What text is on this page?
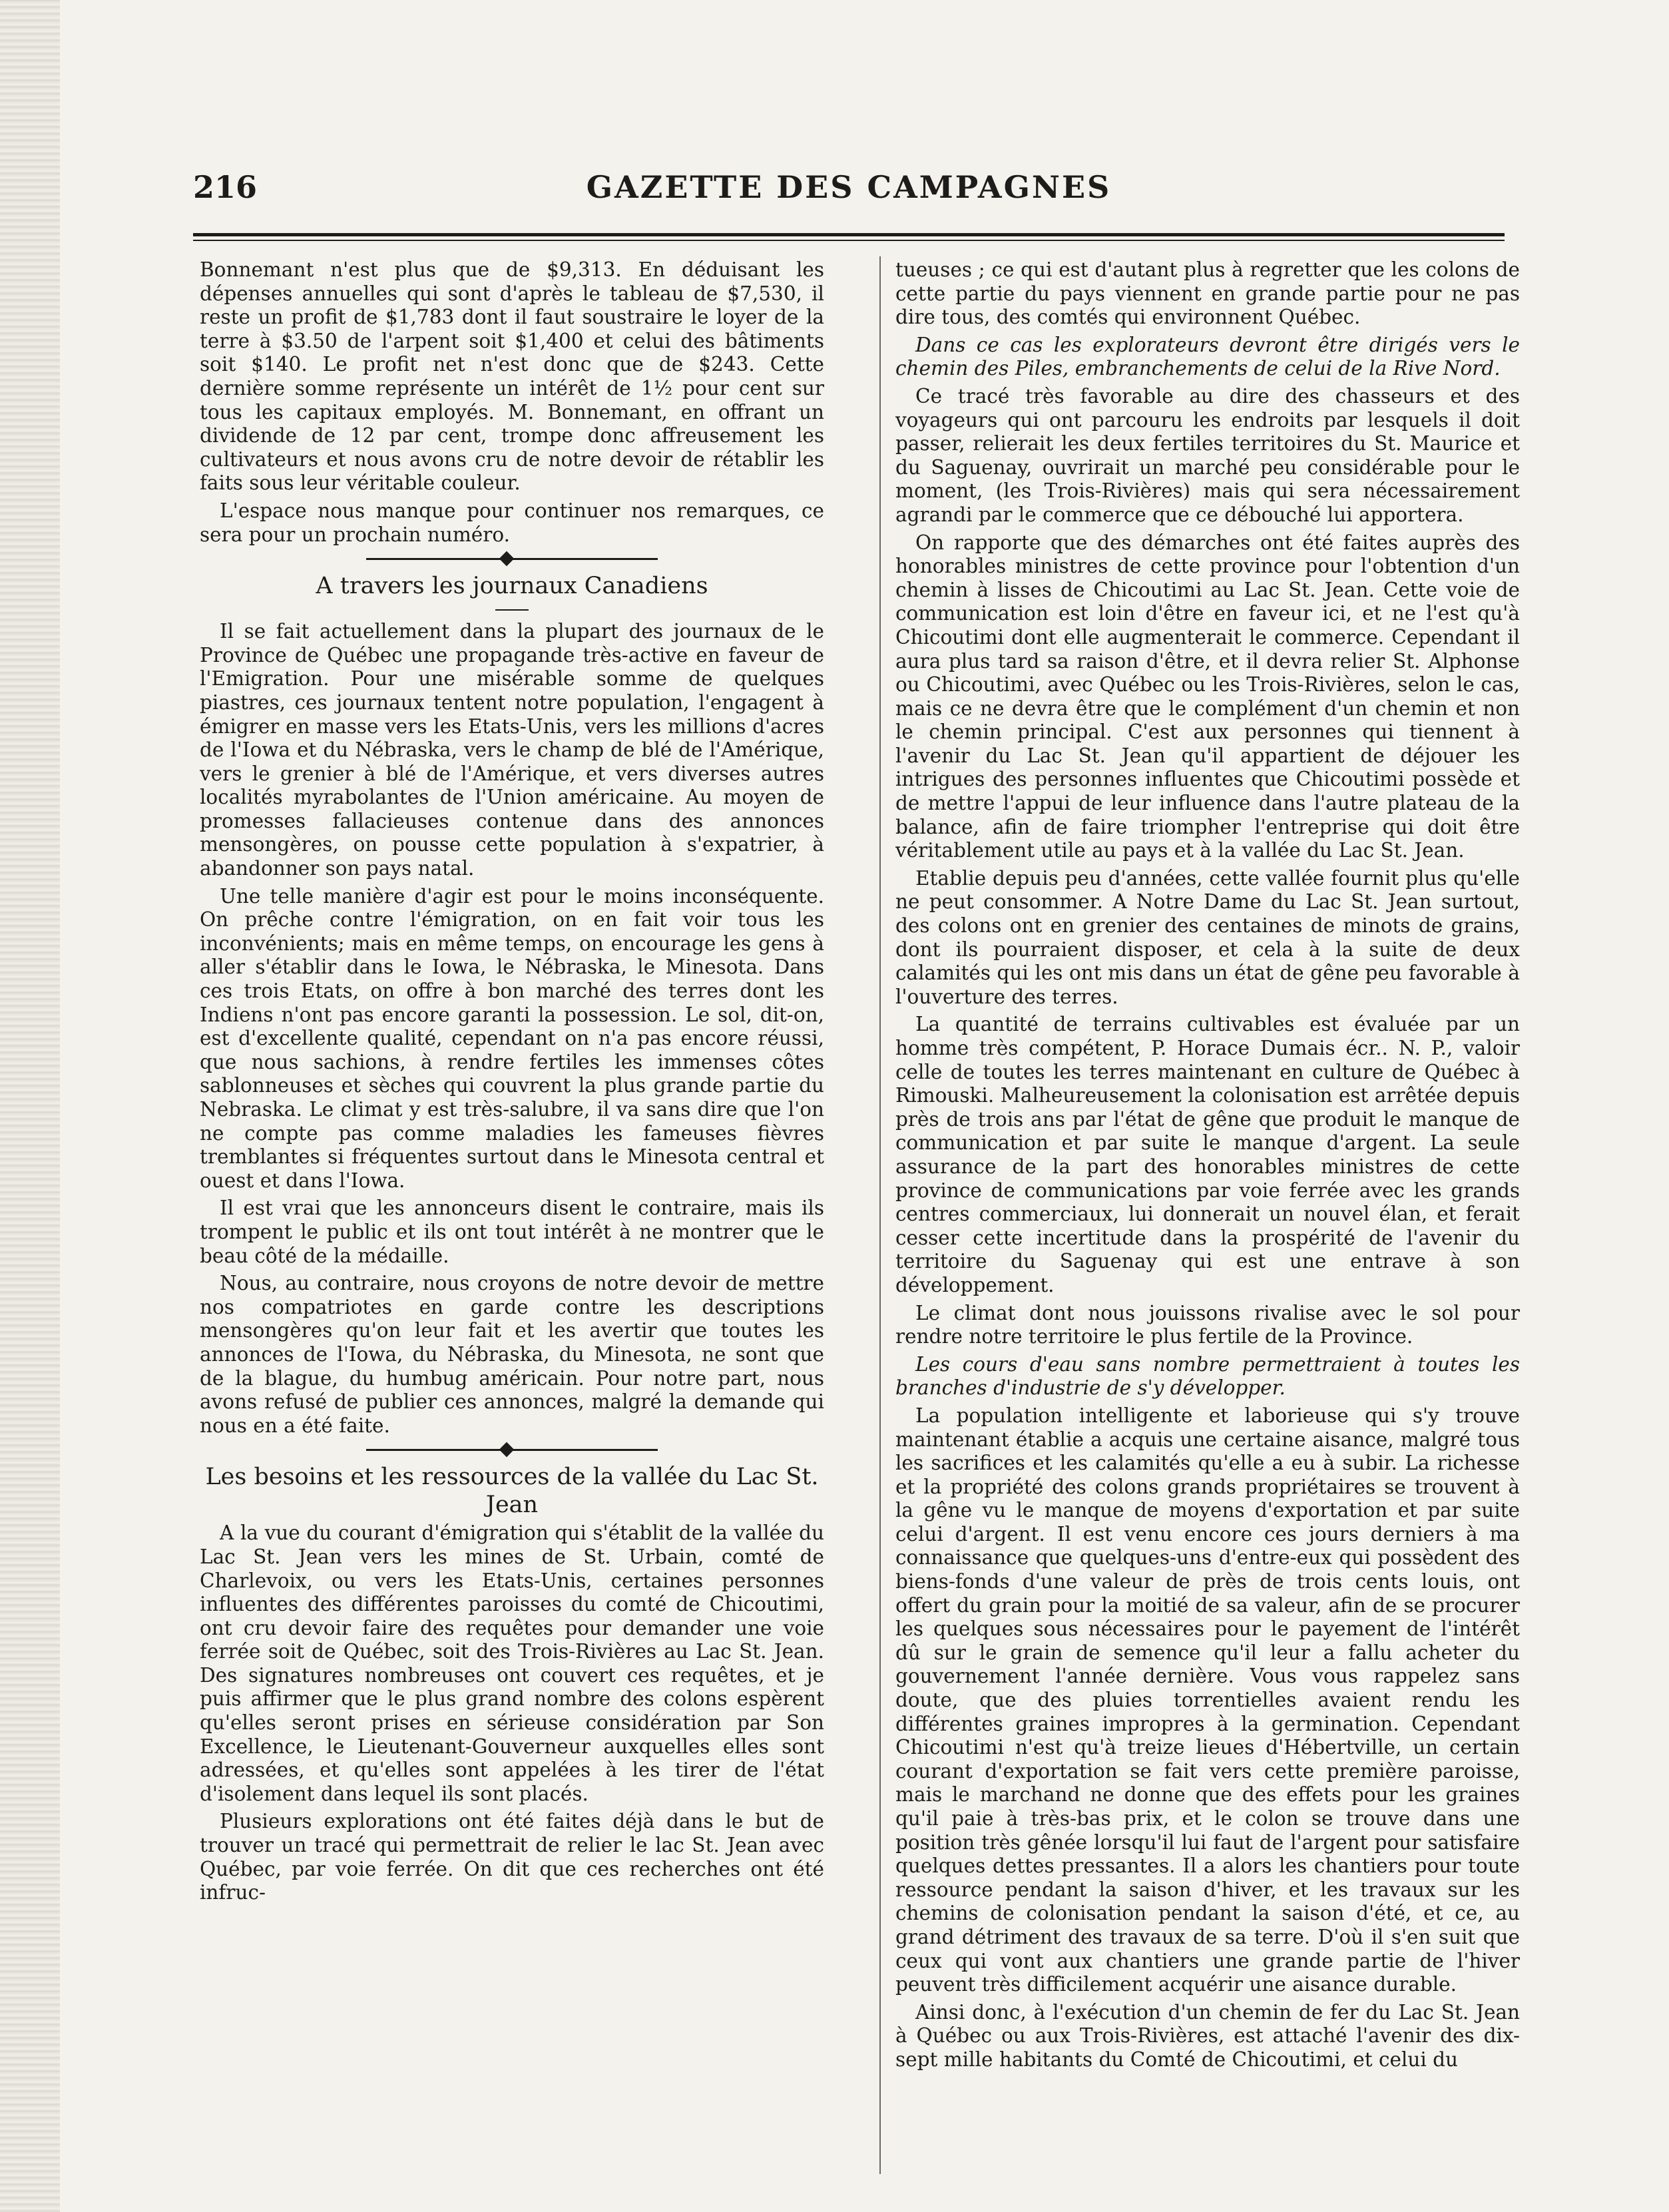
216	GAZETTE DES CAMPAGNES

Bonnemant n'est plus que de $9,313. En déduisant les dépenses annuelles qui sont d'après le tableau de $7,530, il reste un profit de $1,783 dont il faut soustraire le loyer de la terre à $3.50 de l'arpent soit $1,400 et celui des bâtiments soit $140. Le profit net n'est donc que de $243. Cette dernière somme représente un intérêt de 1½ pour cent sur tous les capitaux employés. M. Bonnemant, en offrant un dividende de 12 par cent, trompe donc affreusement les cultivateurs et nous avons cru de notre devoir de rétablir les faits sous leur véritable couleur.

L'espace nous manque pour continuer nos remarques, ce sera pour un prochain numéro.

A travers les journaux Canadiens

Il se fait actuellement dans la plupart des journaux de le Province de Québec une propagande très-active en faveur de l'Emigration. Pour une misérable somme de quelques piastres, ces journaux tentent notre population, l'engagent à émigrer en masse vers les Etats-Unis, vers les millions d'acres de l'Iowa et du Nébraska, vers le champ de blé de l'Amérique, vers le grenier à blé de l'Amérique, et vers diverses autres localités myrabolantes de l'Union américaine. Au moyen de promesses fallacieuses contenue dans des annonces mensongères, on pousse cette population à s'expatrier, à abandonner son pays natal.

Une telle manière d'agir est pour le moins inconséquente. On prêche contre l'émigration, on en fait voir tous les inconvénients; mais en même temps, on encourage les gens à aller s'établir dans le Iowa, le Nébraska, le Minesota. Dans ces trois Etats, on offre à bon marché des terres dont les Indiens n'ont pas encore garanti la possession. Le sol, dit-on, est d'excellente qualité, cependant on n'a pas encore réussi, que nous sachions, à rendre fertiles les immenses côtes sablonneuses et sèches qui couvrent la plus grande partie du Nebraska. Le climat y est très-salubre, il va sans dire que l'on ne compte pas comme maladies les fameuses fièvres tremblantes si fréquentes surtout dans le Minesota central et ouest et dans l'Iowa.

Il est vrai que les annonceurs disent le contraire, mais ils trompent le public et ils ont tout intérêt à ne montrer que le beau côté de la médaille.

Nous, au contraire, nous croyons de notre devoir de mettre nos compatriotes en garde contre les descriptions mensongères qu'on leur fait et les avertir que toutes les annonces de l'Iowa, du Nébraska, du Minesota, ne sont que de la blague, du humbug américain. Pour notre part, nous avons refusé de publier ces annonces, malgré la demande qui nous en a été faite.

Les besoins et les ressources de la vallée du Lac St. Jean

A la vue du courant d'émigration qui s'établit de la vallée du Lac St. Jean vers les mines de St. Urbain, comté de Charlevoix, ou vers les Etats-Unis, certaines personnes influentes des différentes paroisses du comté de Chicoutimi, ont cru devoir faire des requêtes pour demander une voie ferrée soit de Québec, soit des Trois-Rivières au Lac St. Jean. Des signatures nombreuses ont couvert ces requêtes, et je puis affirmer que le plus grand nombre des colons espèrent qu'elles seront prises en sérieuse considération par Son Excellence, le Lieutenant-Gouverneur auxquelles elles sont adressées, et qu'elles sont appelées à les tirer de l'état d'isolement dans lequel ils sont placés.

Plusieurs explorations ont été faites déjà dans le but de trouver un tracé qui permettrait de relier le lac St. Jean avec Québec, par voie ferrée. On dit que ces recherches ont été infruc-

tueuses ; ce qui est d'autant plus à regretter que les colons de cette partie du pays viennent en grande partie pour ne pas dire tous, des comtés qui environnent Québec.

Dans ce cas les explorateurs devront être dirigés vers le chemin des Piles, embranchements de celui de la Rive Nord.

Ce tracé très favorable au dire des chasseurs et des voyageurs qui ont parcouru les endroits par lesquels il doit passer, relierait les deux fertiles territoires du St. Maurice et du Saguenay, ouvrirait un marché peu considérable pour le moment, (les Trois-Rivières) mais qui sera nécessairement agrandi par le commerce que ce débouché lui apportera.

On rapporte que des démarches ont été faites auprès des honorables ministres de cette province pour l'obtention d'un chemin à lisses de Chicoutimi au Lac St. Jean. Cette voie de communication est loin d'être en faveur ici, et ne l'est qu'à Chicoutimi dont elle augmenterait le commerce. Cependant il aura plus tard sa raison d'être, et il devra relier St. Alphonse ou Chicoutimi, avec Québec ou les Trois-Rivières, selon le cas, mais ce ne devra être que le complément d'un chemin et non le chemin principal. C'est aux personnes qui tiennent à l'avenir du Lac St. Jean qu'il appartient de déjouer les intrigues des personnes influentes que Chicoutimi possède et de mettre l'appui de leur influence dans l'autre plateau de la balance, afin de faire triompher l'entreprise qui doit être véritablement utile au pays et à la vallée du Lac St. Jean.

Etablie depuis peu d'années, cette vallée fournit plus qu'elle ne peut consommer. A Notre Dame du Lac St. Jean surtout, des colons ont en grenier des centaines de minots de grains, dont ils pourraient disposer, et cela à la suite de deux calamités qui les ont mis dans un état de gêne peu favorable à l'ouverture des terres.

La quantité de terrains cultivables est évaluée par un homme très compétent, P. Horace Dumais écr.. N. P., valoir celle de toutes les terres maintenant en culture de Québec à Rimouski. Malheureusement la colonisation est arrêtée depuis près de trois ans par l'état de gêne que produit le manque de communication et par suite le manque d'argent. La seule assurance de la part des honorables ministres de cette province de communications par voie ferrée avec les grands centres commerciaux, lui donnerait un nouvel élan, et ferait cesser cette incertitude dans la prospérité de l'avenir du territoire du Saguenay qui est une entrave à son développement.

Le climat dont nous jouissons rivalise avec le sol pour rendre notre territoire le plus fertile de la Province.

Les cours d'eau sans nombre permettraient à toutes les branches d'industrie de s'y développer.

La population intelligente et laborieuse qui s'y trouve maintenant établie a acquis une certaine aisance, malgré tous les sacrifices et les calamités qu'elle a eu à subir. La richesse et la propriété des colons grands propriétaires se trouvent à la gêne vu le manque de moyens d'exportation et par suite celui d'argent. Il est venu encore ces jours derniers à ma connaissance que quelques-uns d'entre-eux qui possèdent des biens-fonds d'une valeur de près de trois cents louis, ont offert du grain pour la moitié de sa valeur, afin de se procurer les quelques sous nécessaires pour le payement de l'intérêt dû sur le grain de semence qu'il leur a fallu acheter du gouvernement l'année dernière. Vous vous rappelez sans doute, que des pluies torrentielles avaient rendu les différentes graines impropres à la germination. Cependant Chicoutimi n'est qu'à treize lieues d'Hébertville, un certain courant d'exportation se fait vers cette première paroisse, mais le marchand ne donne que des effets pour les graines qu'il paie à très-bas prix, et le colon se trouve dans une position très gênée lorsqu'il lui faut de l'argent pour satisfaire quelques dettes pressantes. Il a alors les chantiers pour toute ressource pendant la saison d'hiver, et les travaux sur les chemins de colonisation pendant la saison d'été, et ce, au grand détriment des travaux de sa terre. D'où il s'en suit que ceux qui vont aux chantiers une grande partie de l'hiver peuvent très difficilement acquérir une aisance durable.

Ainsi donc, à l'exécution d'un chemin de fer du Lac St. Jean à Québec ou aux Trois-Rivières, est attaché l'avenir des dix-sept mille habitants du Comté de Chicoutimi, et celui du
